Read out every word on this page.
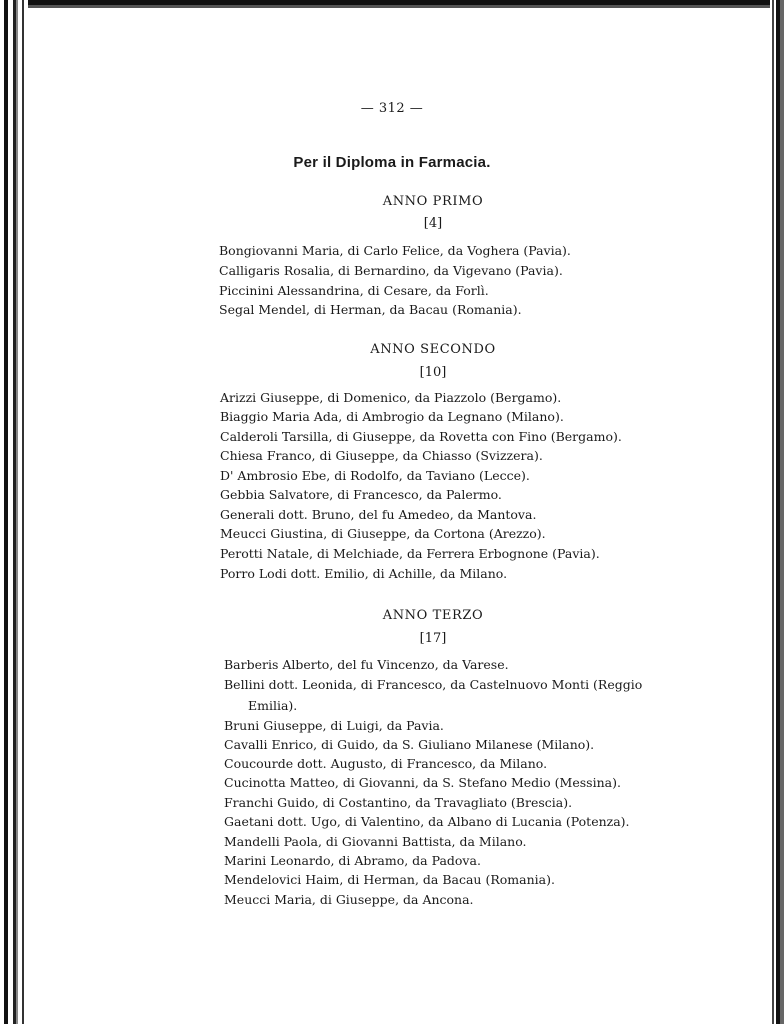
— 312 —
Per il Diploma in Farmacia.
ANNO PRIMO
[4]
Bongiovanni Maria, di Carlo Felice, da Voghera (Pavia).
Calligaris Rosalia, di Bernardino, da Vigevano (Pavia).
Piccinini Alessandrina, di Cesare, da Forlì.
Segal Mendel, di Herman, da Bacau (Romania).
ANNO SECONDO
[10]
Arizzi Giuseppe, di Domenico, da Piazzolo (Bergamo).
Biaggio Maria Ada, di Ambrogio da Legnano (Milano).
Calderoli Tarsilla, di Giuseppe, da Rovetta con Fino (Bergamo).
Chiesa Franco, di Giuseppe, da Chiasso (Svizzera).
D' Ambrosio Ebe, di Rodolfo, da Taviano (Lecce).
Gebbia Salvatore, di Francesco, da Palermo.
Generali dott. Bruno, del fu Amedeo, da Mantova.
Meucci Giustina, di Giuseppe, da Cortona (Arezzo).
Perotti Natale, di Melchiade, da Ferrera Erbognone (Pavia).
Porro Lodi dott. Emilio, di Achille, da Milano.
ANNO TERZO
[17]
Barberis Alberto, del fu Vincenzo, da Varese.
Bellini dott. Leonida, di Francesco, da Castelnuovo Monti (Reggio
Emilia).
Bruni Giuseppe, di Luigi, da Pavia.
Cavalli Enrico, di Guido, da S. Giuliano Milanese (Milano).
Coucourde dott. Augusto, di Francesco, da Milano.
Cucinotta Matteo, di Giovanni, da S. Stefano Medio (Messina).
Franchi Guido, di Costantino, da Travagliato (Brescia).
Gaetani dott. Ugo, di Valentino, da Albano di Lucania (Potenza).
Mandelli Paola, di Giovanni Battista, da Milano.
Marini Leonardo, di Abramo, da Padova.
Mendelovici Haim, di Herman, da Bacau (Romania).
Meucci Maria, di Giuseppe, da Ancona.
